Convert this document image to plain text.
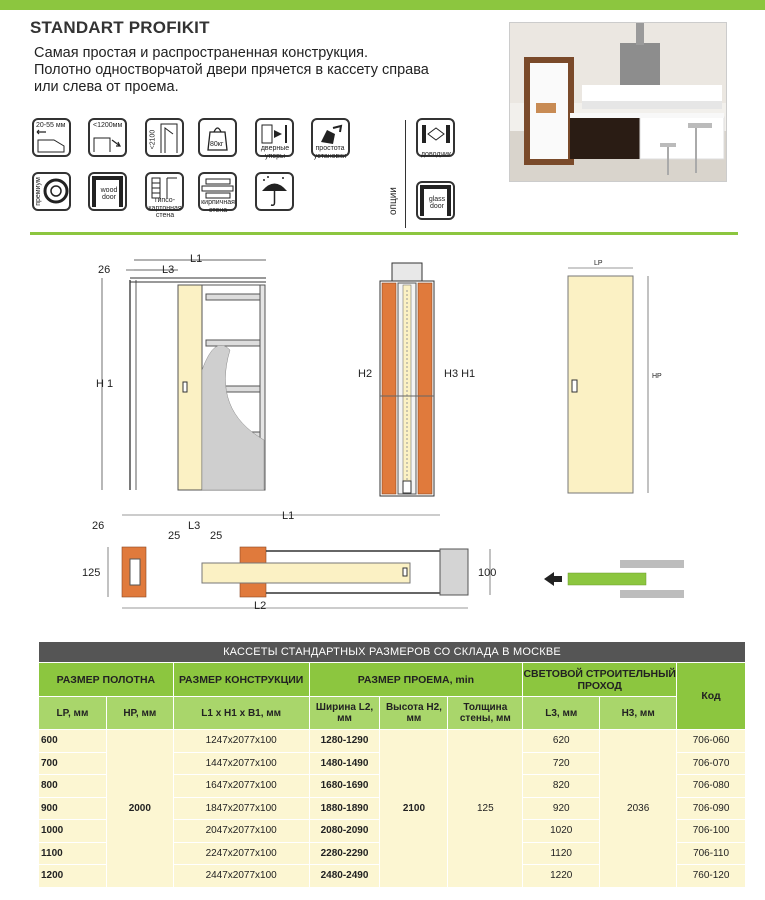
STANDART PROFIKIT
Самая простая и распространенная конструкция.
Полотно одностворчатой двери прячется в кассету справа
или слева от проема.
20-55 мм	<1200мм
<2100	80кг
дверные упоры
простота установки
премиум	wood door	гипсо-картонная стена
кирпичная стена	опции
доводчик
glass door
L1
26	L3
H 1
H2	H3 H1
LP
HP
26	L3
25	25
L1
125	100
L2
КАССЕТЫ СТАНДАРТНЫХ РАЗМЕРОВ СО СКЛАДА В МОСКВЕ								
РАЗМЕР ПОЛОТНА		РАЗМЕР КОНСТРУКЦИИ	РАЗМЕР ПРОЕМА, min			СВЕТОВОЙ СТРОИТЕЛЬНЫЙ ПРОХОД		Код
LP, мм	HP, мм	L1 x H1 x B1, мм	Ширина L2, мм	Высота H2, мм	Толщина стены, мм	L3, мм	H3, мм	
600	2000	1247x2077x100	1280-1290	2100	125	620	2036	706-060
700		1447x2077x100	1480-1490			720		706-070
800		1647x2077x100	1680-1690			820		706-080
900		1847x2077x100	1880-1890			920		706-090
1000		2047x2077x100	2080-2090			1020		706-100
1100		2247x2077x100	2280-2290			1120		706-110
1200		2447x2077x100	2480-2490			1220		760-120
